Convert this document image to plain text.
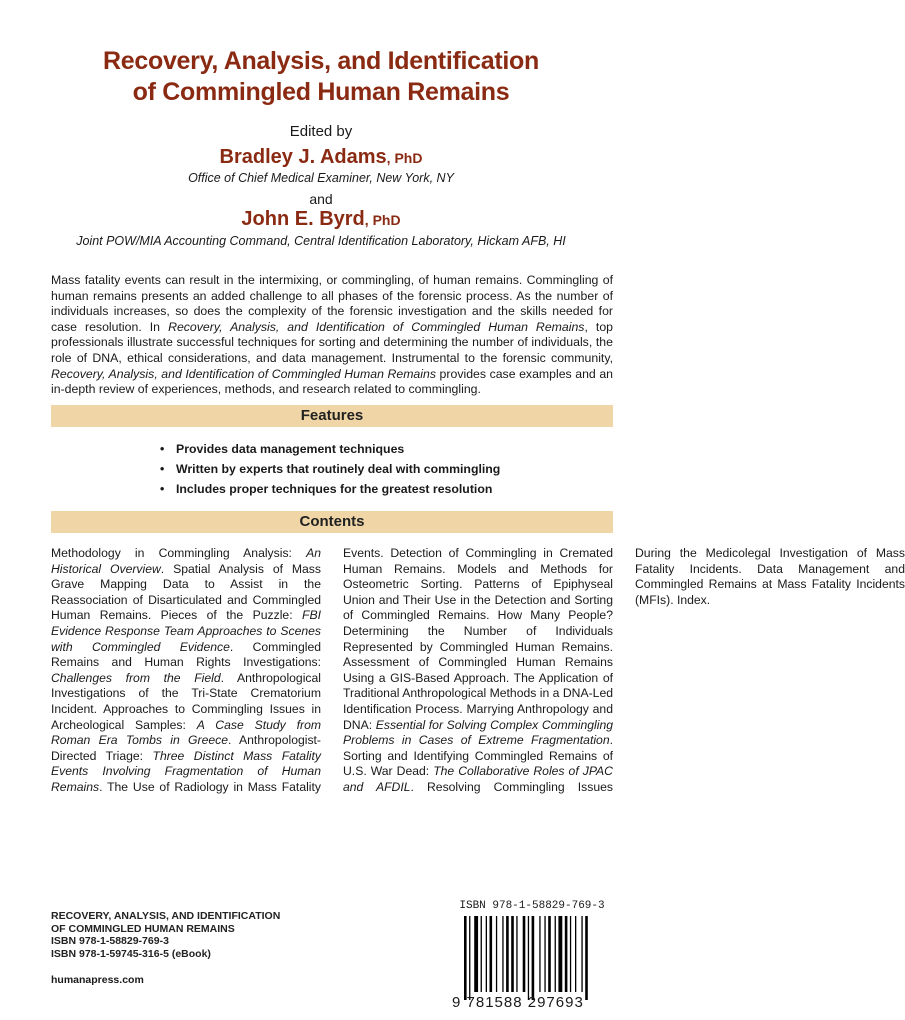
Recovery, Analysis, and Identification
of Commingled Human Remains
Edited by
Bradley J. Adams, PhD
Office of Chief Medical Examiner, New York, NY
and
John E. Byrd, PhD
Joint POW/MIA Accounting Command, Central Identification Laboratory, Hickam AFB, HI

Mass fatality events can result in the intermixing, or commingling, of human remains. Commingling of human remains presents an added challenge to all phases of the forensic process. As the number of individuals increases, so does the complexity of the forensic investigation and the skills needed for case resolution. In Recovery, Analysis, and Identification of Commingled Human Remains, top professionals illustrate successful techniques for sorting and determining the number of individuals, the role of DNA, ethical considerations, and data management. Instrumental to the forensic community, Recovery, Analysis, and Identification of Commingled Human Remains provides case examples and an in-depth review of experiences, methods, and research related to commingling.

Features
• Provides data management techniques
• Written by experts that routinely deal with commingling
• Includes proper techniques for the greatest resolution
Contents
Methodology in Commingling Analysis: An Historical Overview. Spatial Analysis of Mass Grave Mapping Data to Assist in the Reassociation of Disarticulated and Commingled Human Remains. Pieces of the Puzzle: FBI Evidence Response Team Approaches to Scenes with Commingled Evidence. Commingled Remains and Human Rights Investigations: Challenges from the Field. Anthropological Investigations of the Tri-State Crematorium Incident. Approaches to Commingling Issues in Archeological Samples: A Case Study from Roman Era Tombs in Greece. Anthropologist-Directed Triage: Three Distinct Mass Fatality Events Involving Fragmentation of Human Remains. The Use of Radiology in Mass Fatality Events. Detection of Commingling in Cremated Human Remains. Models and Methods for Osteometric Sorting. Patterns of Epiphyseal Union and Their Use in the Detection and Sorting of Commingled Remains. How Many People? Determining the Number of Individuals Represented by Commingled Human Remains. Assessment of Commingled Human Remains Using a GIS-Based Approach. The Application of Traditional Anthropological Methods in a DNA-Led Identification Process. Marrying Anthropology and DNA: Essential for Solving Complex Commingling Problems in Cases of Extreme Fragmentation. Sorting and Identifying Commingled Remains of U.S. War Dead: The Collaborative Roles of JPAC and AFDIL. Resolving Commingling Issues During the Medicolegal Investigation of Mass Fatality Incidents. Data Management and Commingled Remains at Mass Fatality Incidents (MFIs). Index.
RECOVERY, ANALYSIS, AND IDENTIFICATION
OF COMMINGLED HUMAN REMAINS
ISBN 978-1-58829-769-3
ISBN 978-1-59745-316-5 (eBook)
humanapress.com
ISBN 978-1-58829-769-3
9 781588 297693
